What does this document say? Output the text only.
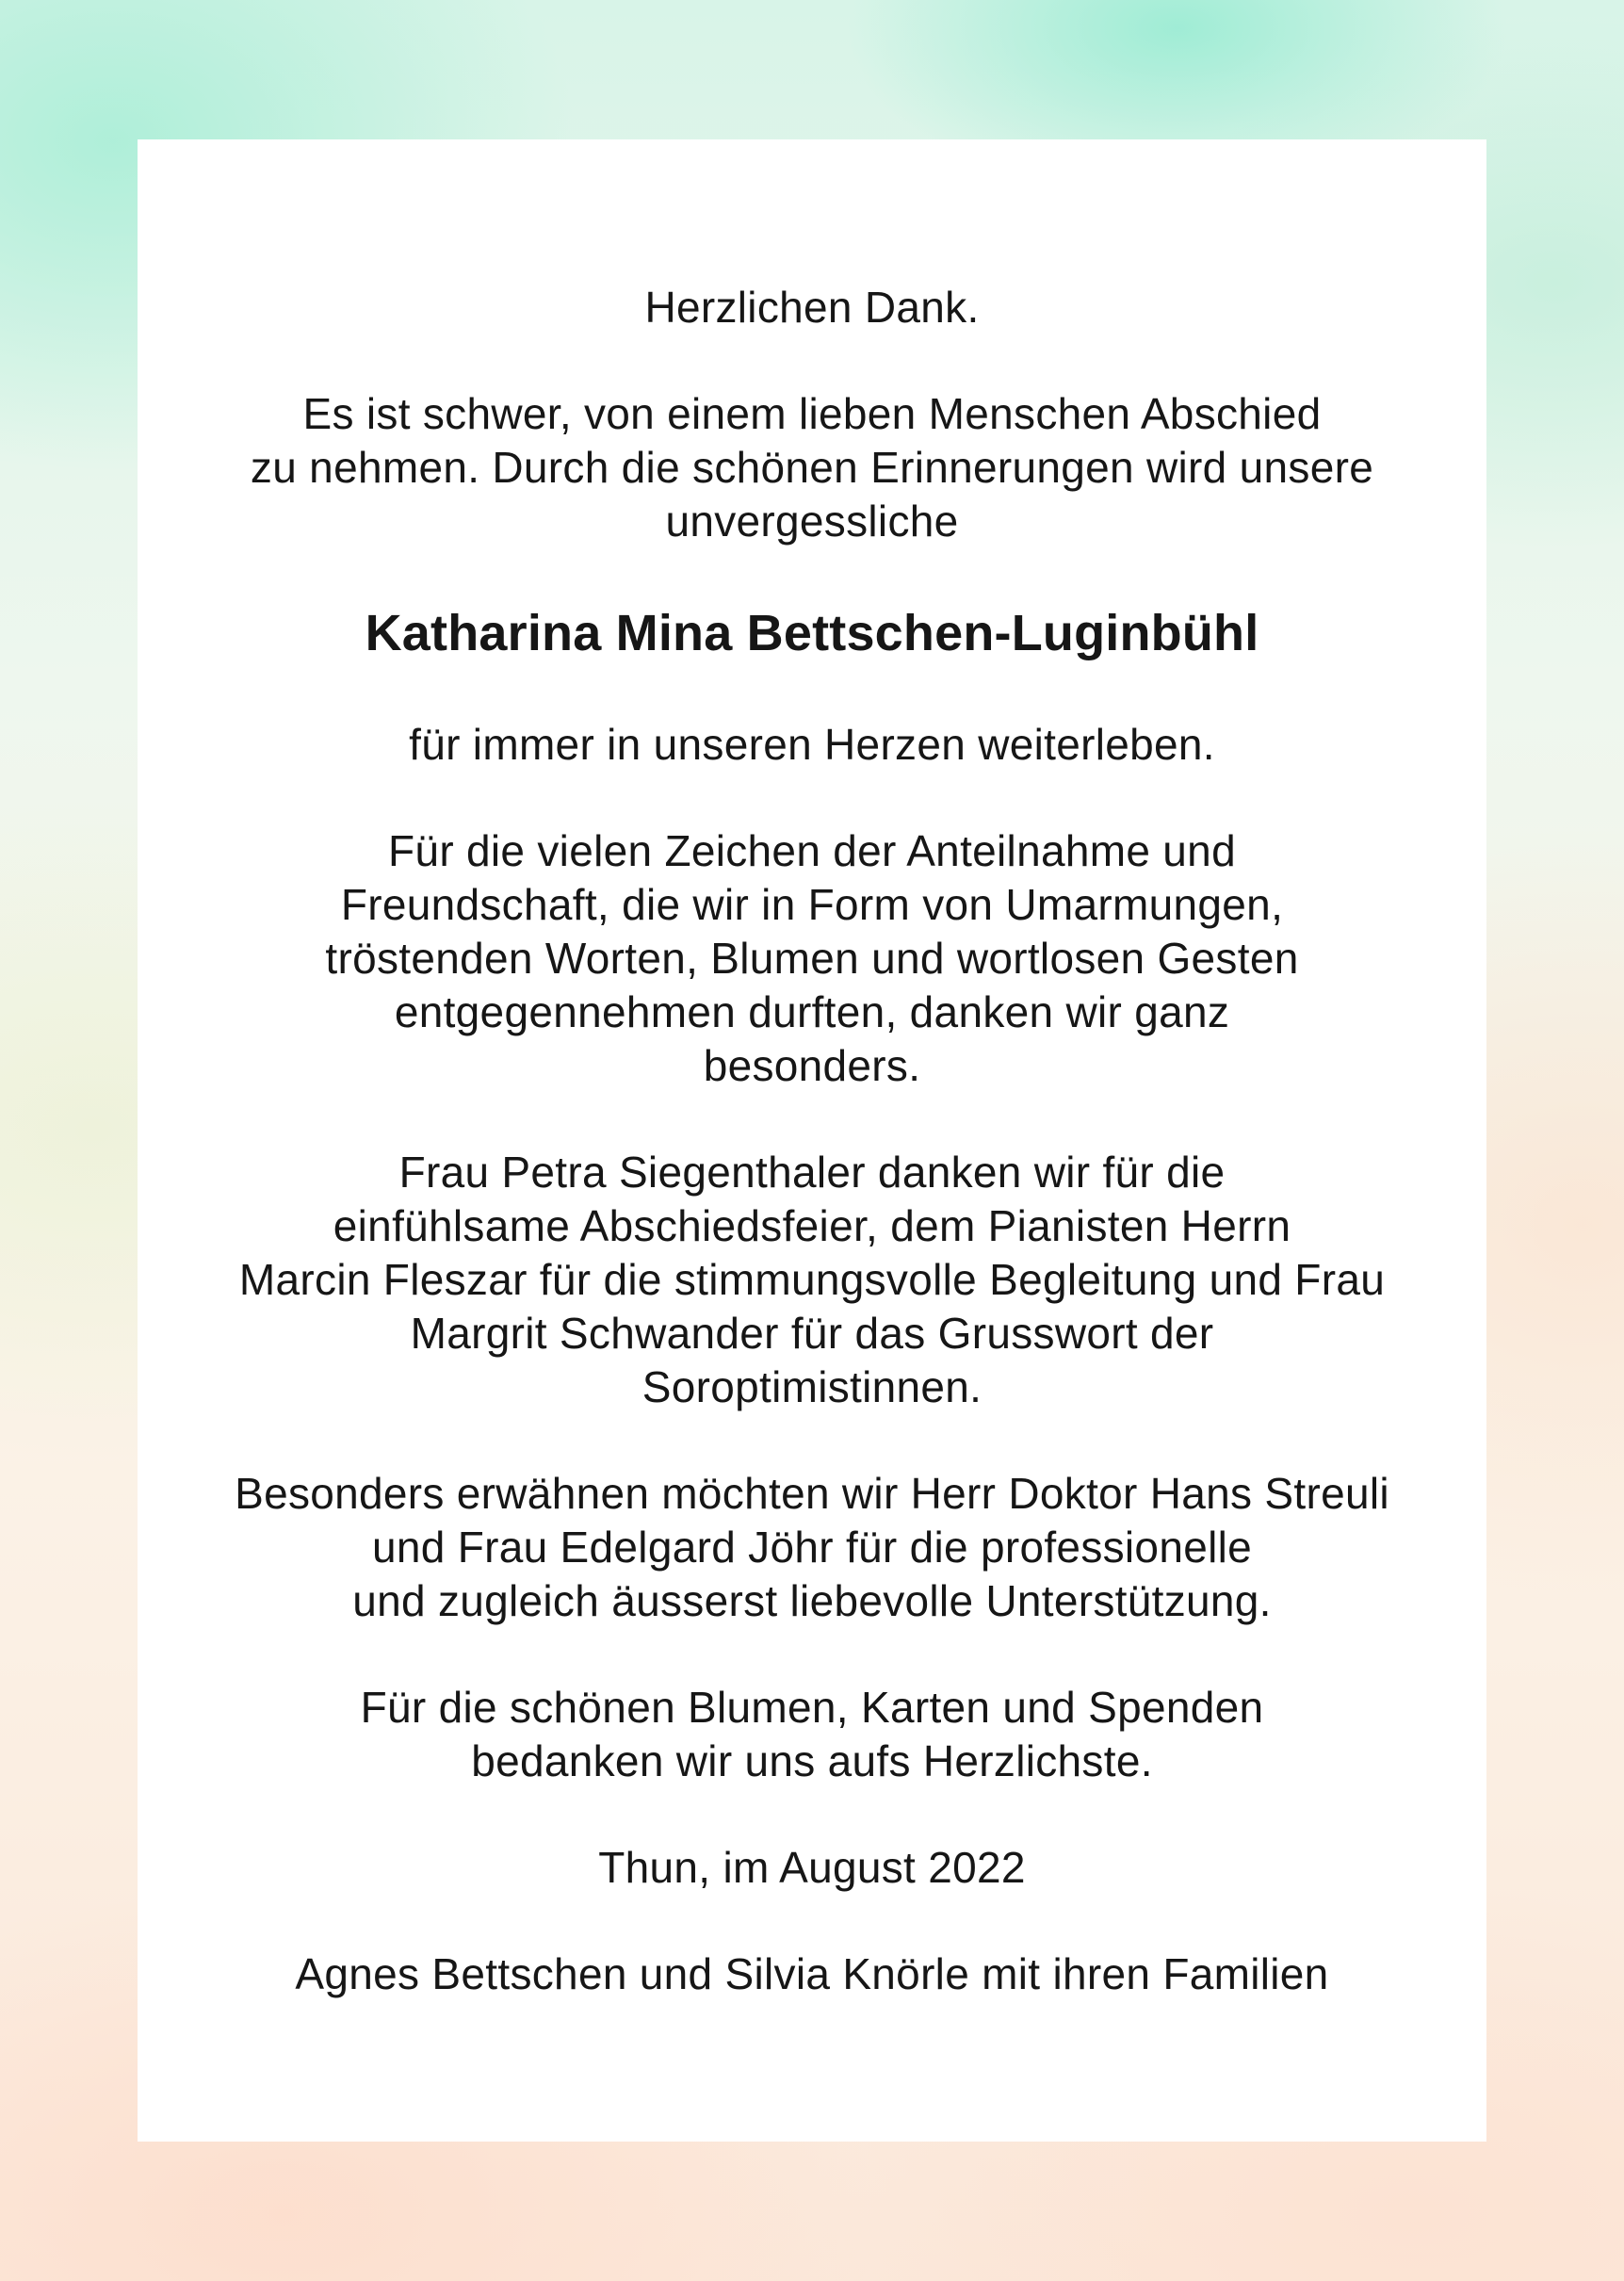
Herzlichen Dank.

Es ist schwer, von einem lieben Menschen Abschied
zu nehmen. Durch die schönen Erinnerungen wird unsere
unvergessliche

Katharina Mina Bettschen-Luginbühl

für immer in unseren Herzen weiterleben.

Für die vielen Zeichen der Anteilnahme und
Freundschaft, die wir in Form von Umarmungen,
tröstenden Worten, Blumen und wortlosen Gesten
entgegennehmen durften, danken wir ganz
besonders.

Frau Petra Siegenthaler danken wir für die
einfühlsame Abschiedsfeier, dem Pianisten Herrn
Marcin Fleszar für die stimmungsvolle Begleitung und Frau
Margrit Schwander für das Grusswort der
Soroptimistinnen.

Besonders erwähnen möchten wir Herr Doktor Hans Streuli
und Frau Edelgard Jöhr für die professionelle
und zugleich äusserst liebevolle Unterstützung.

Für die schönen Blumen, Karten und Spenden
bedanken wir uns aufs Herzlichste.

Thun, im August 2022

Agnes Bettschen und Silvia Knörle mit ihren Familien
